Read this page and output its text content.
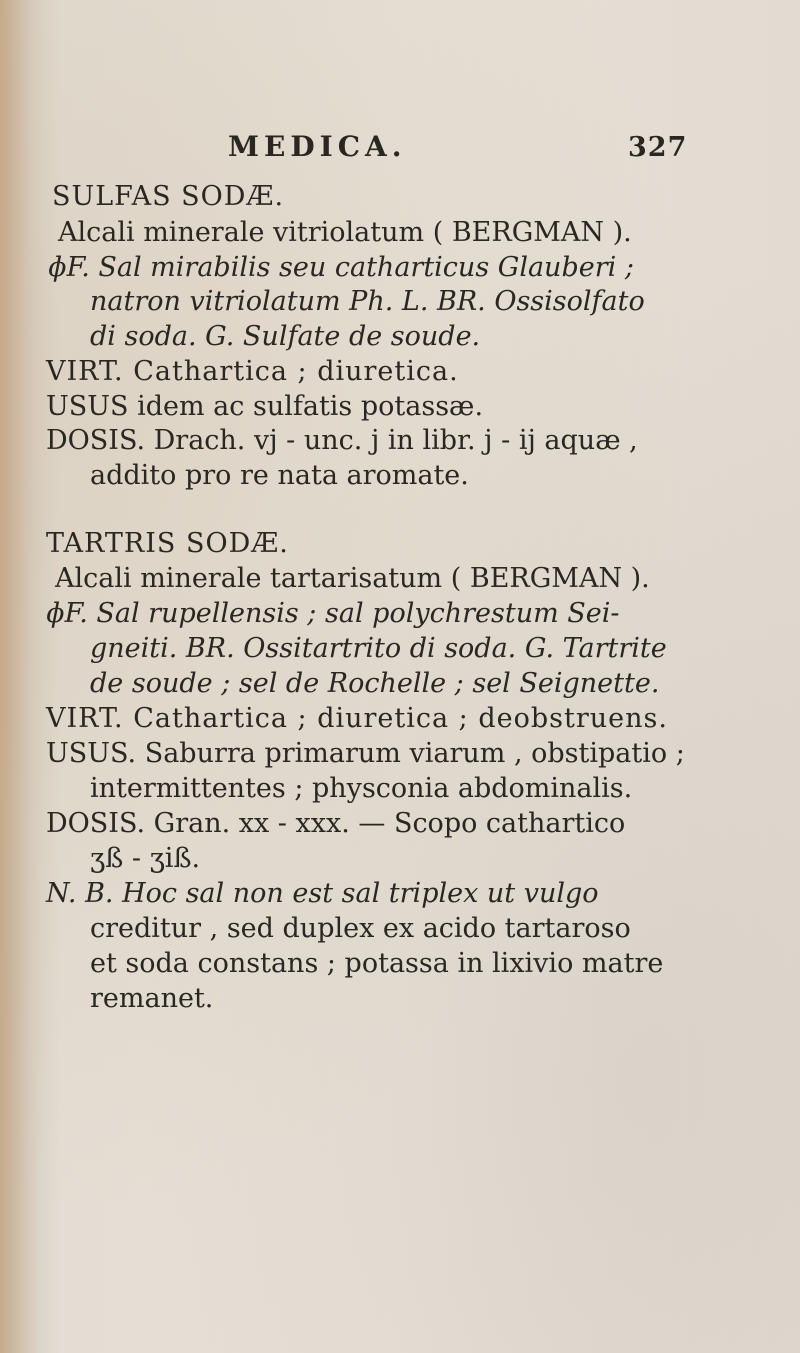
MEDICA.	327
SULFAS SODÆ.
Alcali minerale vitriolatum ( BERGMAN ).
ɸF. Sal mirabilis seu catharticus Glauberi ;
natron vitriolatum Ph. L. BR. Ossisolfato
di soda. G. Sulfate de soude.
VIRT. Cathartica ; diuretica.
USUS idem ac sulfatis potassæ.
DOSIS. Drach. vj - unc. j in libr. j - ij aquæ ,
addito pro re nata aromate.
TARTRIS SODÆ.
Alcali minerale tartarisatum ( BERGMAN ).
ɸF. Sal rupellensis ; sal polychrestum Sei-
gneiti. BR. Ossitartrito di soda. G. Tartrite
de soude ; sel de Rochelle ; sel Seignette.
VIRT. Cathartica ; diuretica ; deobstruens.
USUS. Saburra primarum viarum , obstipatio ;
intermittentes ; physconia abdominalis.
DOSIS. Gran. xx - xxx. — Scopo cathartico
ʒß - ʒiß.
N. B. Hoc sal non est sal triplex ut vulgo
creditur , sed duplex ex acido tartaroso
et soda constans ; potassa in lixivio matre
remanet.
